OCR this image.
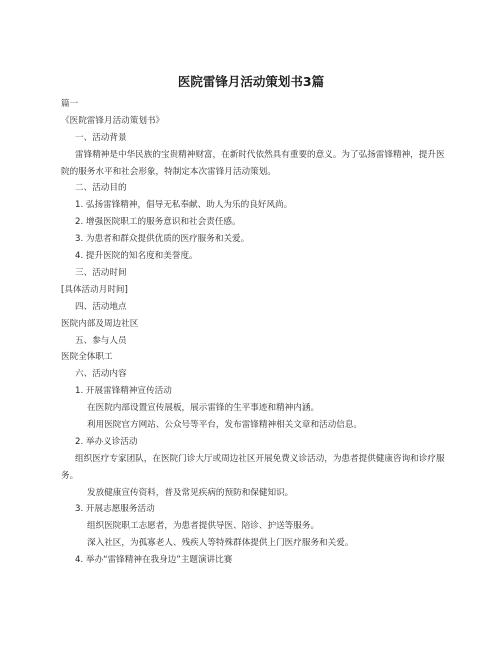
医院雷锋月活动策划书3篇
篇一
《医院雷锋月活动策划书》
一、活动背景
雷锋精神是中华民族的宝贵精神财富，在新时代依然具有重要的意义。为了弘扬雷锋精神，提升医院的服务水平和社会形象，特制定本次雷锋月活动策划。
二、活动目的
1. 弘扬雷锋精神，倡导无私奉献、助人为乐的良好风尚。
2. 增强医院职工的服务意识和社会责任感。
3. 为患者和群众提供优质的医疗服务和关爱。
4. 提升医院的知名度和美誉度。
三、活动时间
[具体活动月时间]
四、活动地点
医院内部及周边社区
五、参与人员
医院全体职工
六、活动内容
1. 开展雷锋精神宣传活动
在医院内部设置宣传展板，展示雷锋的生平事迹和精神内涵。
利用医院官方网站、公众号等平台，发布雷锋精神相关文章和活动信息。
2. 举办义诊活动
组织医疗专家团队，在医院门诊大厅或周边社区开展免费义诊活动，为患者提供健康咨询和诊疗服务。
发放健康宣传资料，普及常见疾病的预防和保健知识。
3. 开展志愿服务活动
组织医院职工志愿者，为患者提供导医、陪诊、护送等服务。
深入社区，为孤寡老人、残疾人等特殊群体提供上门医疗服务和关爱。
4. 举办“雷锋精神在我身边”主题演讲比赛
